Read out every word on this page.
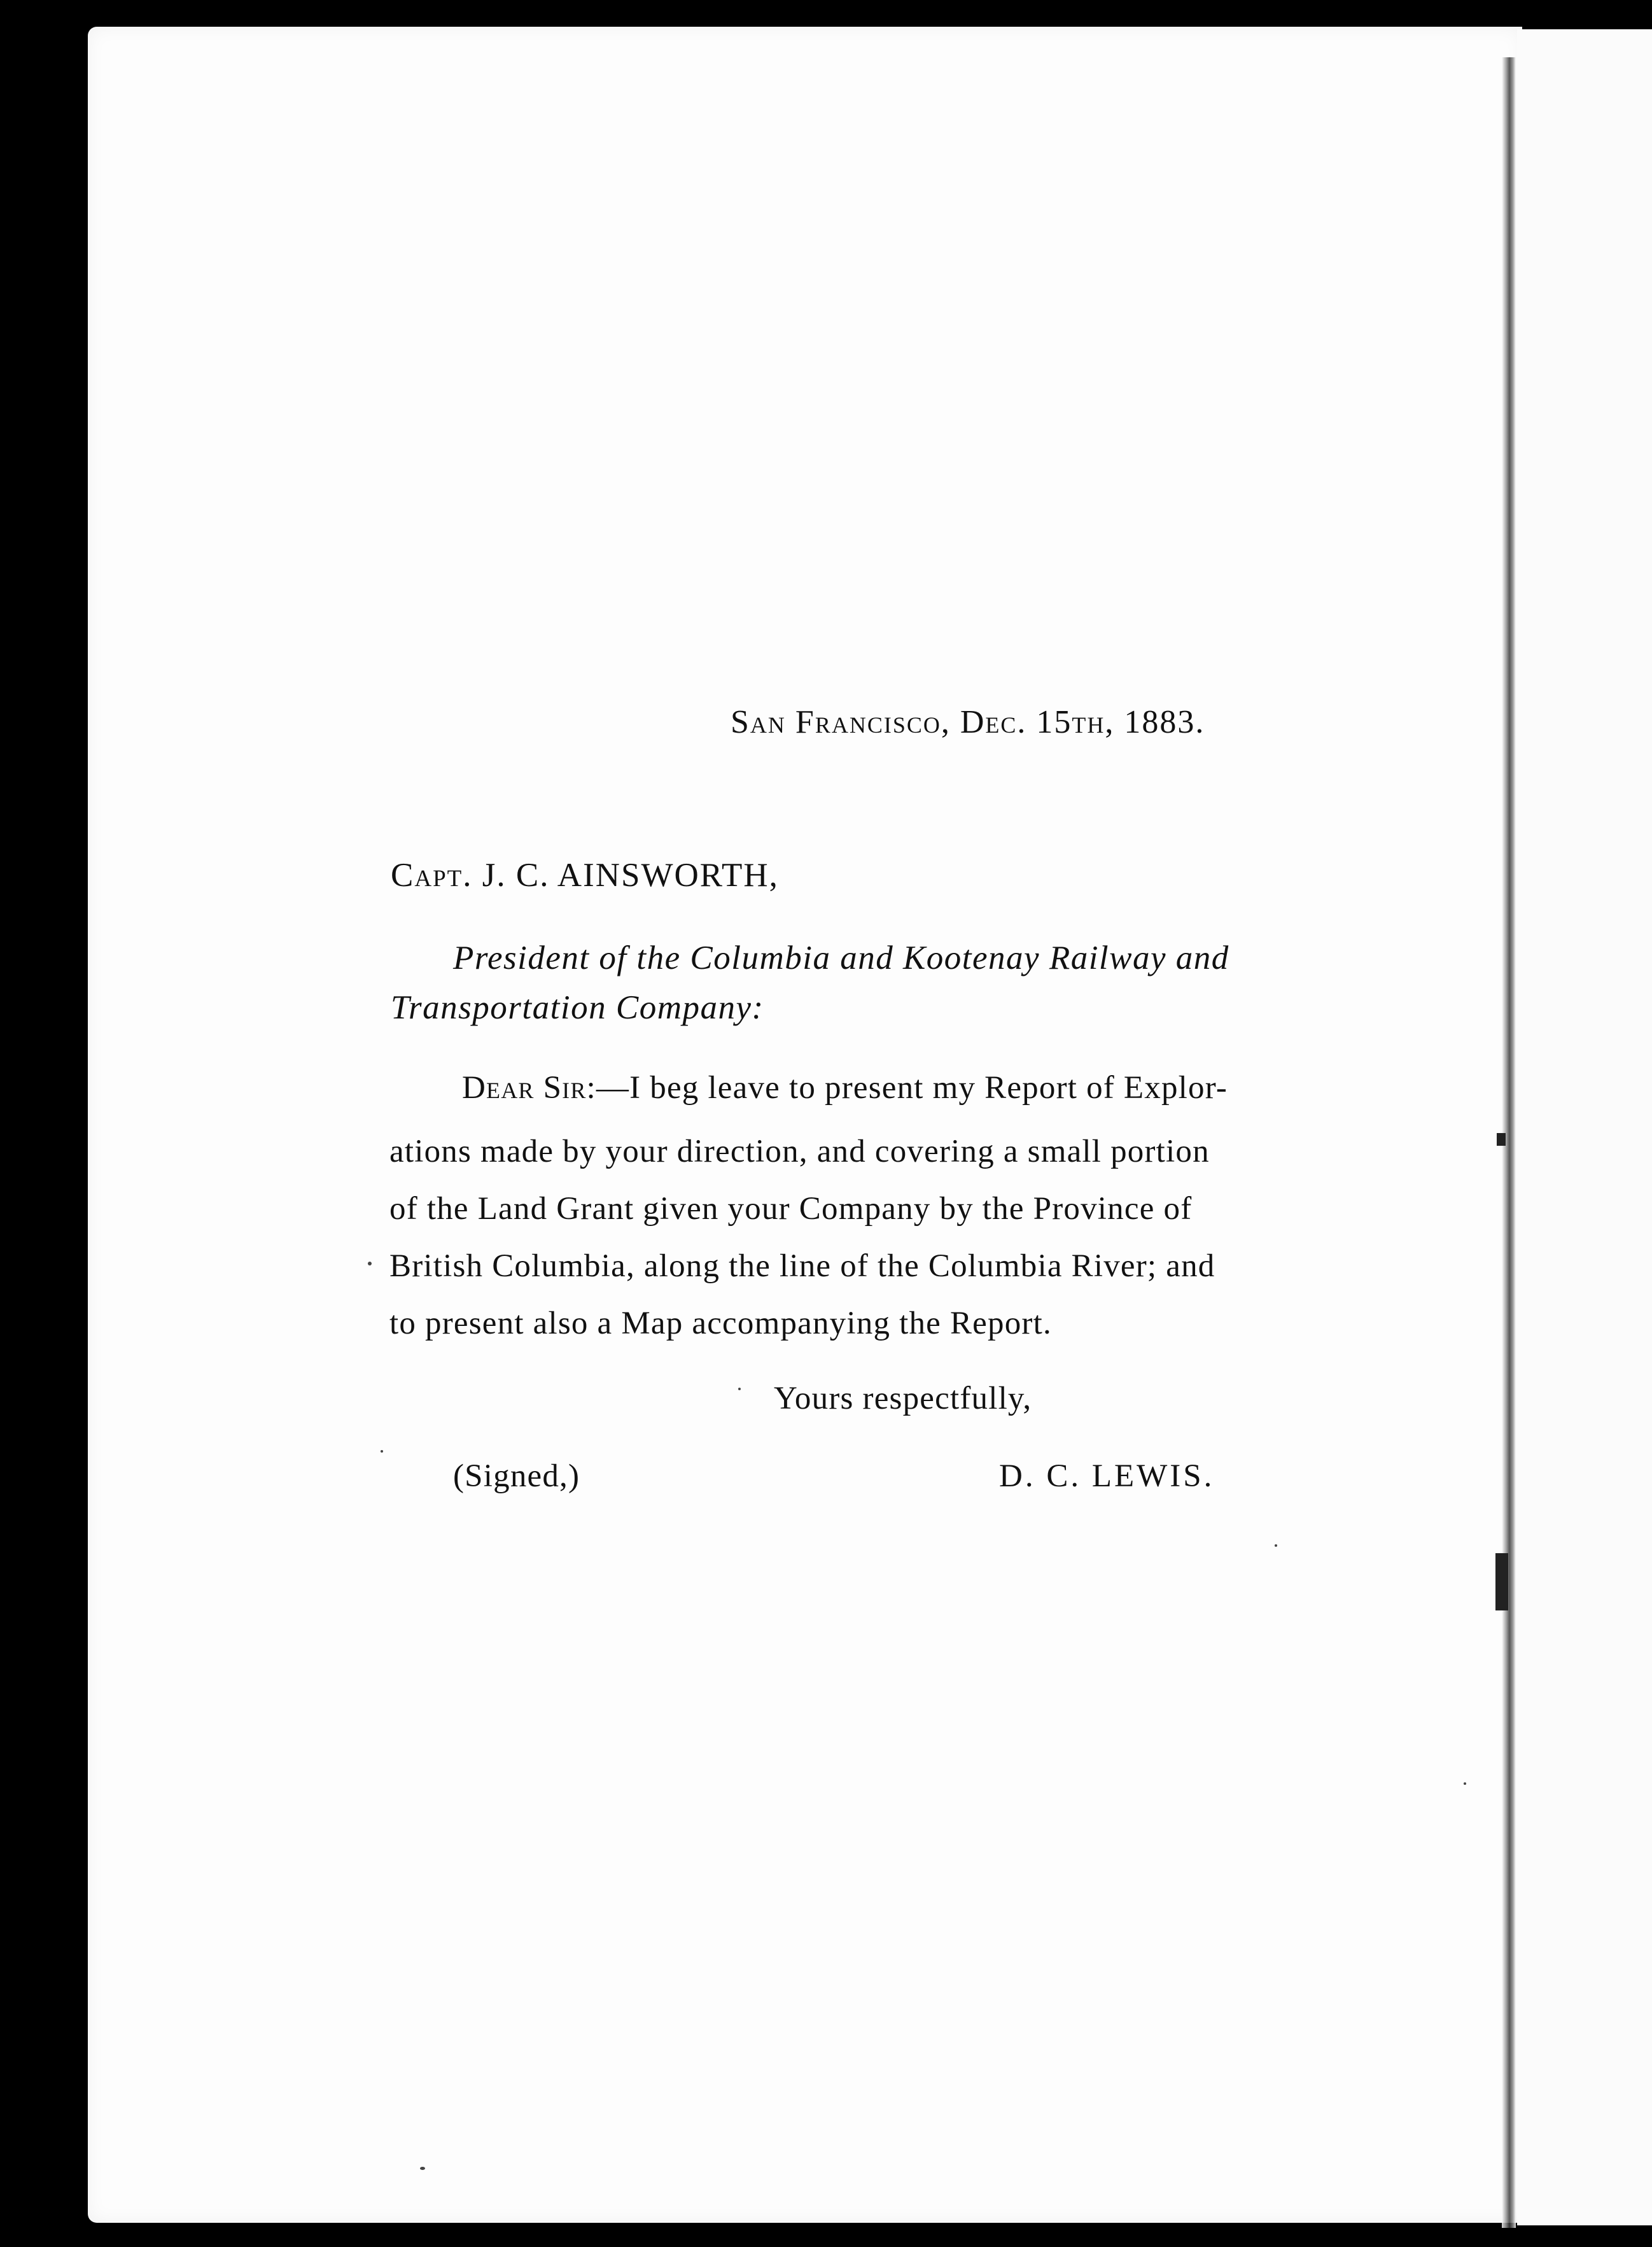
San Francisco, Dec. 15th, 1883.
Capt. J. C. AINSWORTH,
President of the Columbia and Kootenay Railway and
Transportation Company:
Dear Sir:—I beg leave to present my Report of Explor-
ations made by your direction, and covering a small portion
of the Land Grant given your Company by the Province of
British Columbia, along the line of the Columbia River; and
to present also a Map accompanying the Report.
Yours respectfully,
(Signed,)	D. C. LEWIS.
